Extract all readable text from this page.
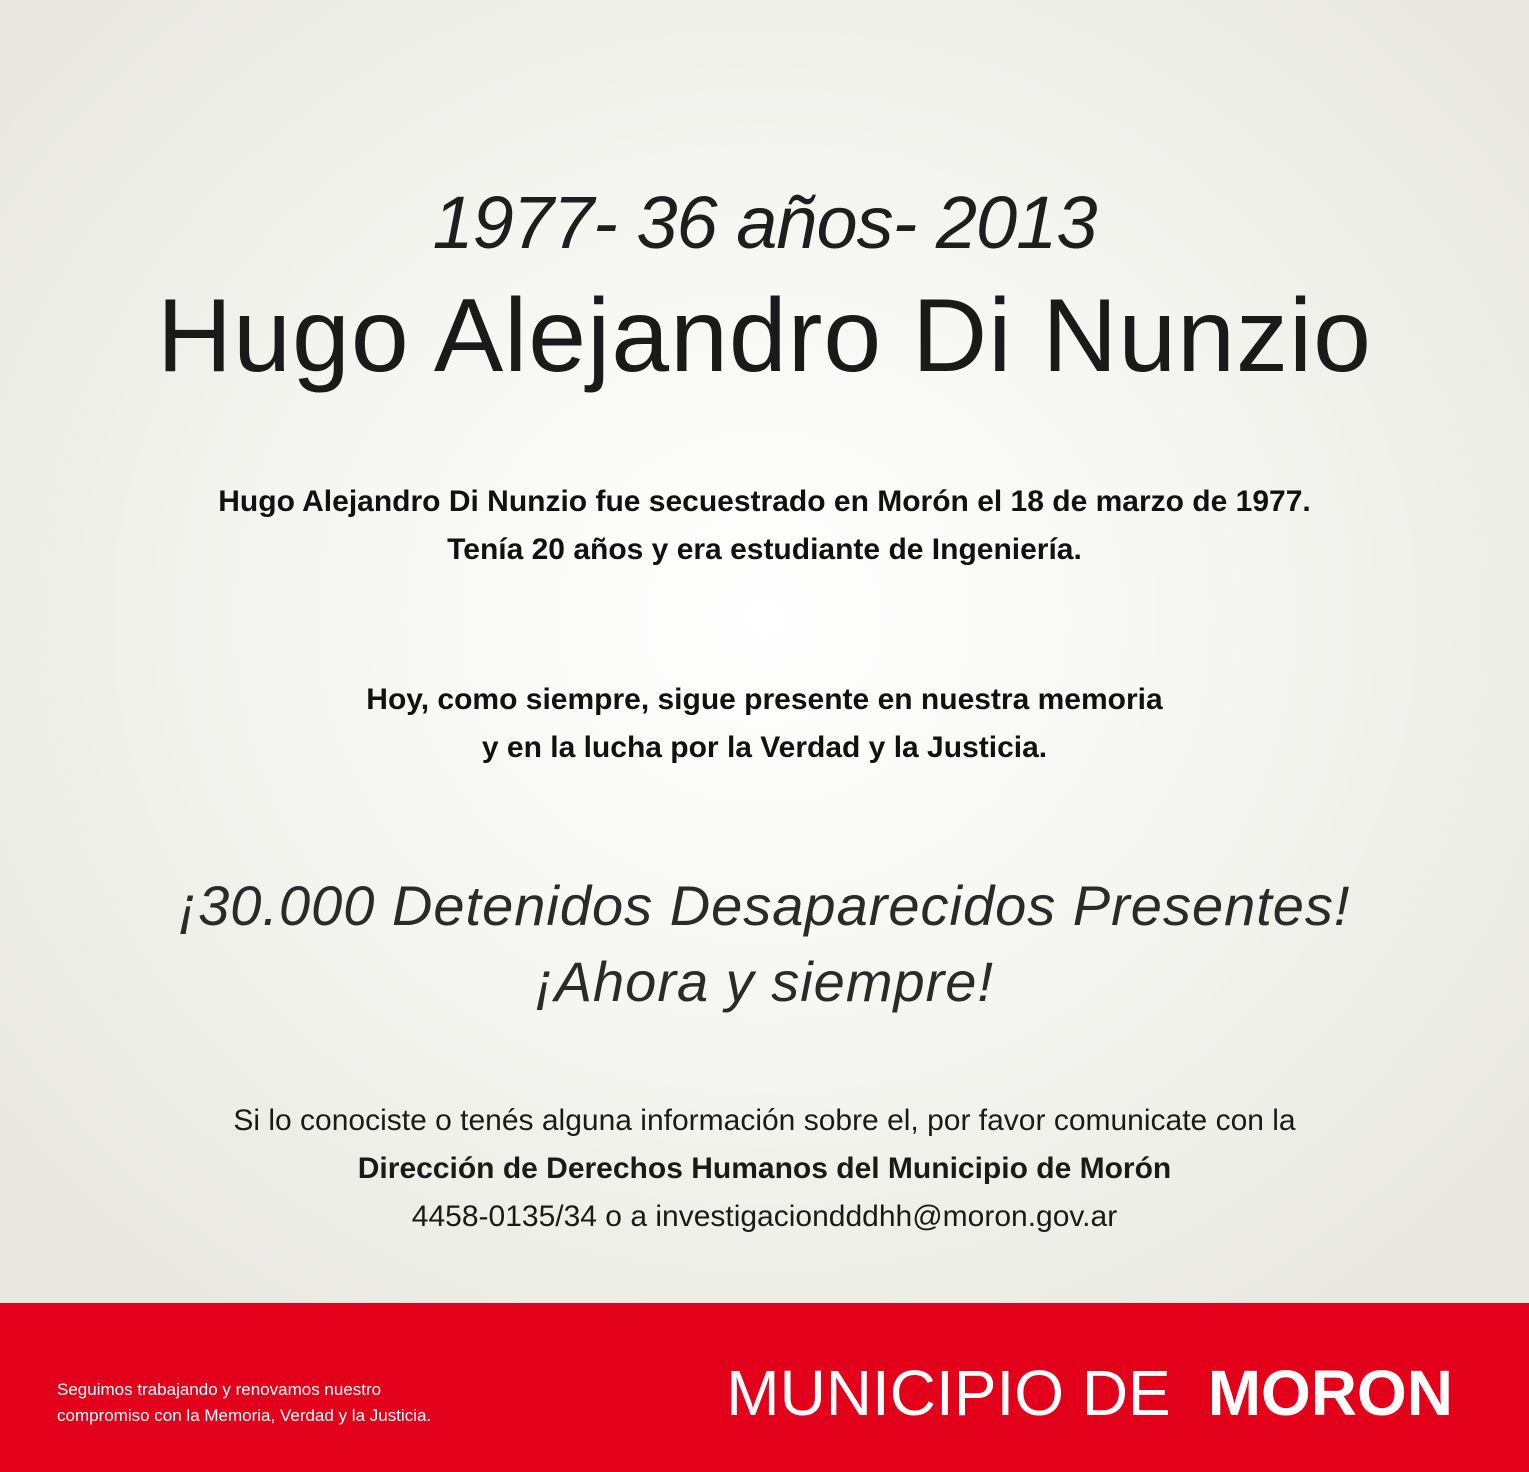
1977- 36 años- 2013
Hugo Alejandro Di Nunzio
Hugo Alejandro Di Nunzio fue secuestrado en Morón el 18 de marzo de 1977.
Tenía 20 años y era estudiante de Ingeniería.
Hoy, como siempre, sigue presente en nuestra memoria
y en la lucha por la Verdad y la Justicia.
¡30.000 Detenidos Desaparecidos Presentes!
¡Ahora y siempre!
Si lo conociste o tenés alguna información sobre el, por favor comunicate con la
Dirección de Derechos Humanos del Municipio de Morón
4458-0135/34 o a investigaciondddhh@moron.gov.ar
Seguimos trabajando y renovamos nuestro
compromiso con la Memoria, Verdad y la Justicia.	MUNICIPIO DE MORON
